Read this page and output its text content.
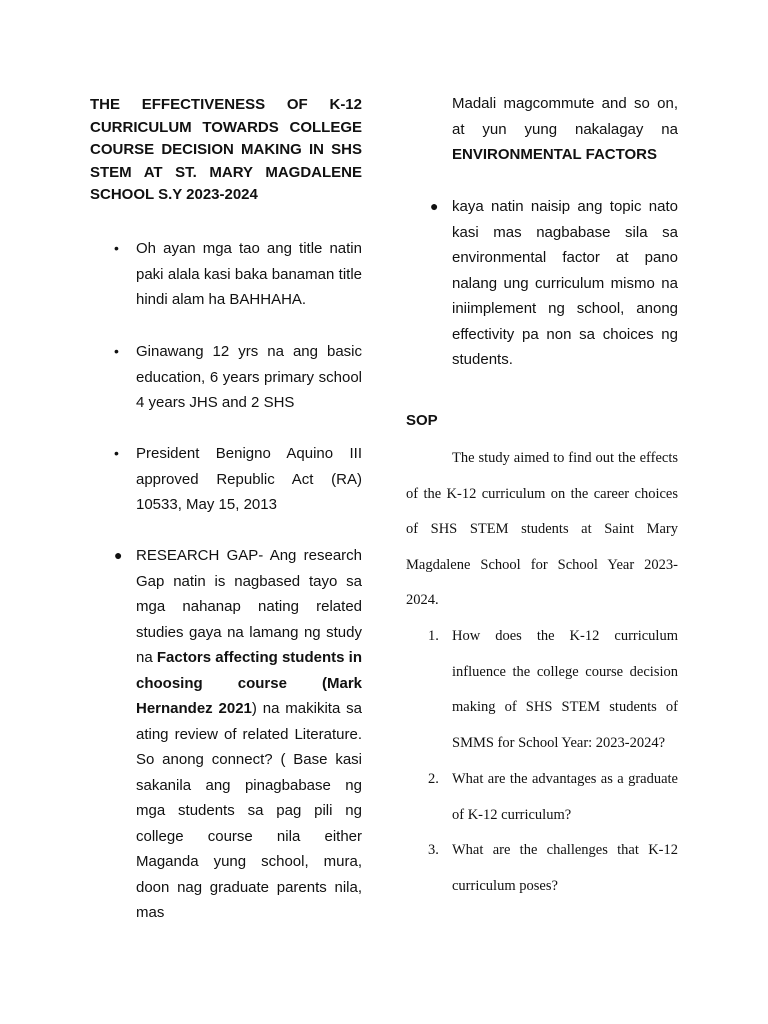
THE EFFECTIVENESS OF K-12 CURRICULUM TOWARDS COLLEGE COURSE DECISION MAKING IN SHS STEM AT ST. MARY MAGDALENE SCHOOL S.Y 2023-2024
• Oh ayan mga tao ang title natin paki alala kasi baka banaman title hindi alam ha BAHHAHA.
• Ginawang 12 yrs na ang basic education, 6 years primary school 4 years JHS and 2 SHS
• President Benigno Aquino III approved Republic Act (RA) 10533, May 15, 2013
● RESEARCH GAP- Ang research Gap natin is nagbased tayo sa mga nahanap nating related studies gaya na lamang ng study na Factors affecting students in choosing course (Mark Hernandez 2021) na makikita sa ating review of related Literature. So anong connect? ( Base kasi sakanila ang pinagbabase ng mga students sa pag pili ng college course nila either Maganda yung school, mura, doon nag graduate parents nila, mas
Madali magcommute and so on, at yun yung nakalagay na ENVIRONMENTAL FACTORS
● kaya natin naisip ang topic nato kasi mas nagbabase sila sa environmental factor at pano nalang ung curriculum mismo na iniimplement ng school, anong effectivity pa non sa choices ng students.
SOP

The study aimed to find out the effects of the K-12 curriculum on the career choices of SHS STEM students at Saint Mary Magdalene School for School Year 2023-2024.

1. How does the K-12 curriculum influence the college course decision making of SHS STEM students of SMMS for School Year: 2023-2024?
2. What are the advantages as a graduate of K-12 curriculum?
3. What are the challenges that K-12 curriculum poses?
